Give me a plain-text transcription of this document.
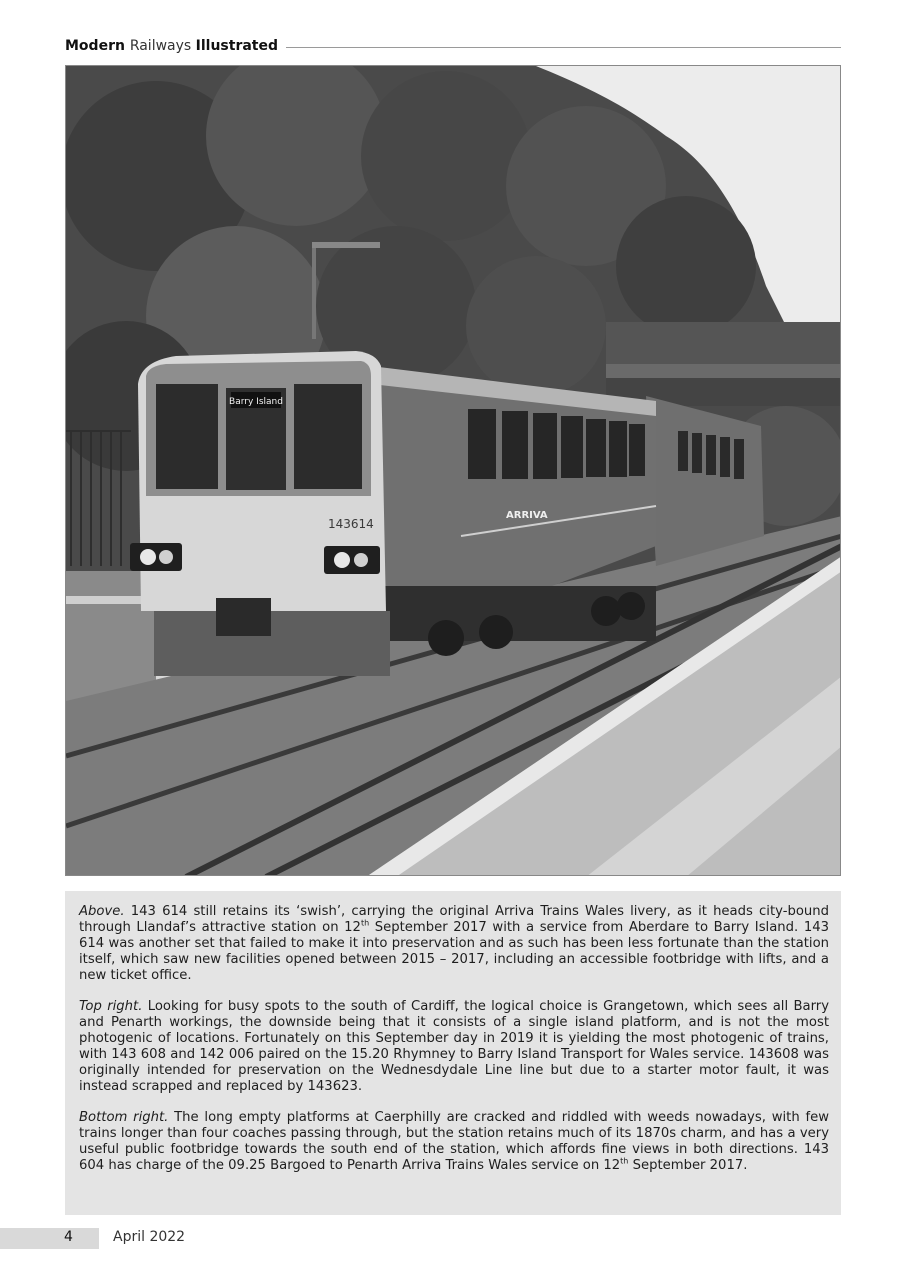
Modern Railways Illustrated
Barry Island
143614
ARRIVA

Above. 143 614 still retains its ‘swish’, carrying the original Arriva Trains Wales livery, as it heads city-bound through Llandaf’s attractive station on 12th September 2017 with a service from Aberdare to Barry Island. 143 614 was another set that failed to make it into preservation and as such has been less fortunate than the station itself, which saw new facilities opened between 2015 – 2017, including an accessible footbridge with lifts, and a new ticket office.

Top right. Looking for busy spots to the south of Cardiff, the logical choice is Grangetown, which sees all Barry and Penarth workings, the downside being that it consists of a single island platform, and is not the most photogenic of locations. Fortunately on this September day in 2019 it is yielding the most photogenic of trains, with 143 608 and 142 006 paired on the 15.20 Rhymney to Barry Island Transport for Wales service. 143608 was originally intended for preservation on the Wednesdydale Line line but due to a starter motor fault, it was instead scrapped and replaced by 143623.

Bottom right. The long empty platforms at Caerphilly are cracked and riddled with weeds nowadays, with few trains longer than four coaches passing through, but the station retains much of its 1870s charm, and has a very useful public footbridge towards the south end of the station, which affords fine views in both directions. 143 604 has charge of the 09.25 Bargoed to Penarth Arriva Trains Wales service on 12th September 2017.

4	April 2022
